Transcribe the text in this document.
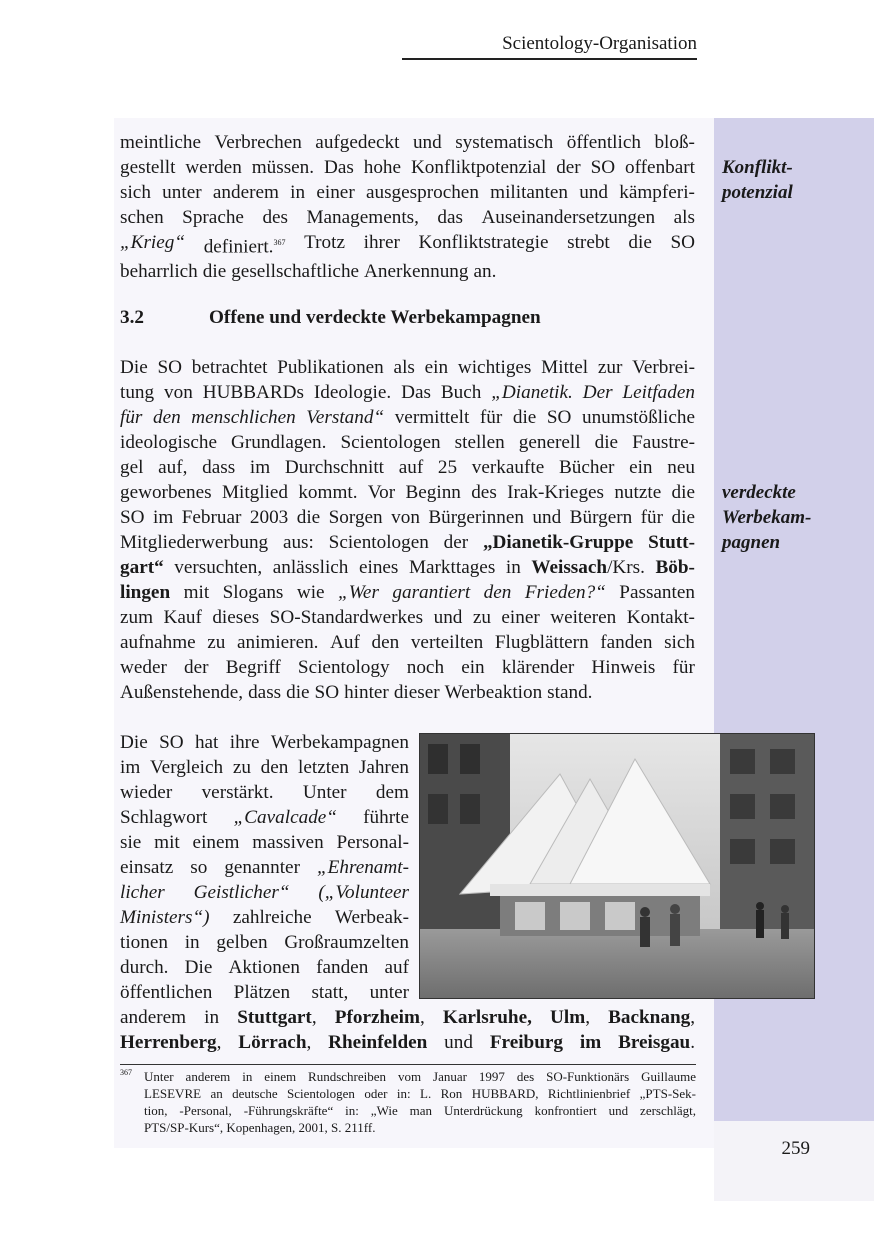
Scientology-Organisation
259
Konflikt-
potenzial
verdeckte
Werbekam-
pagnen
meintliche Verbrechen aufgedeckt und systematisch öffentlich bloß-
gestellt werden müssen. Das hohe Konfliktpotenzial der SO offenbart
sich unter anderem in einer ausgesprochen militanten und kämpferi-
schen Sprache des Managements, das Auseinandersetzungen als
„Krieg“ definiert.$^{367}$ Trotz ihrer Konfliktstrategie strebt die SO
beharrlich die gesellschaftliche Anerkennung an.
3.2	Offene und verdeckte Werbekampagnen
Die SO betrachtet Publikationen als ein wichtiges Mittel zur Verbrei-
tung von HUBBARDs Ideologie. Das Buch „Dianetik. Der Leitfaden
für den menschlichen Verstand“ vermittelt für die SO unumstößliche
ideologische Grundlagen. Scientologen stellen generell die Faustre-
gel auf, dass im Durchschnitt auf 25 verkaufte Bücher ein neu
geworbenes Mitglied kommt. Vor Beginn des Irak-Krieges nutzte die
SO im Februar 2003 die Sorgen von Bürgerinnen und Bürgern für die
Mitgliederwerbung aus: Scientologen der „Dianetik-Gruppe Stutt-
gart“ versuchten, anlässlich eines Markttages in Weissach/Krs. Böb-
lingen mit Slogans wie „Wer garantiert den Frieden?“ Passanten
zum Kauf dieses SO-Standardwerkes und zu einer weiteren Kontakt-
aufnahme zu animieren. Auf den verteilten Flugblättern fanden sich
weder der Begriff Scientology noch ein klärender Hinweis für
Außenstehende, dass die SO hinter dieser Werbeaktion stand.
Die SO hat ihre Werbekampagnen
im Vergleich zu den letzten Jahren
wieder verstärkt. Unter dem
Schlagwort „Cavalcade“ führte
sie mit einem massiven Personal-
einsatz so genannter „Ehrenamt-
licher Geistlicher“ („Volunteer
Ministers“) zahlreiche Werbeak-
tionen in gelben Großraumzelten
durch. Die Aktionen fanden auf
öffentlichen Plätzen statt, unter
anderem in Stuttgart, Pforzheim, Karlsruhe, Ulm, Backnang,
Herrenberg, Lörrach, Rheinfelden und Freiburg im Breisgau.
367 Unter anderem in einem Rundschreiben vom Januar 1997 des SO-Funktionärs Guillaume
LESEVRE an deutsche Scientologen oder in: L. Ron HUBBARD, Richtlinienbrief „PTS-Sek-
tion, -Personal, -Führungskräfte“ in: „Wie man Unterdrückung konfrontiert und zerschlägt,
PTS/SP-Kurs“, Kopenhagen, 2001, S. 211ff.
